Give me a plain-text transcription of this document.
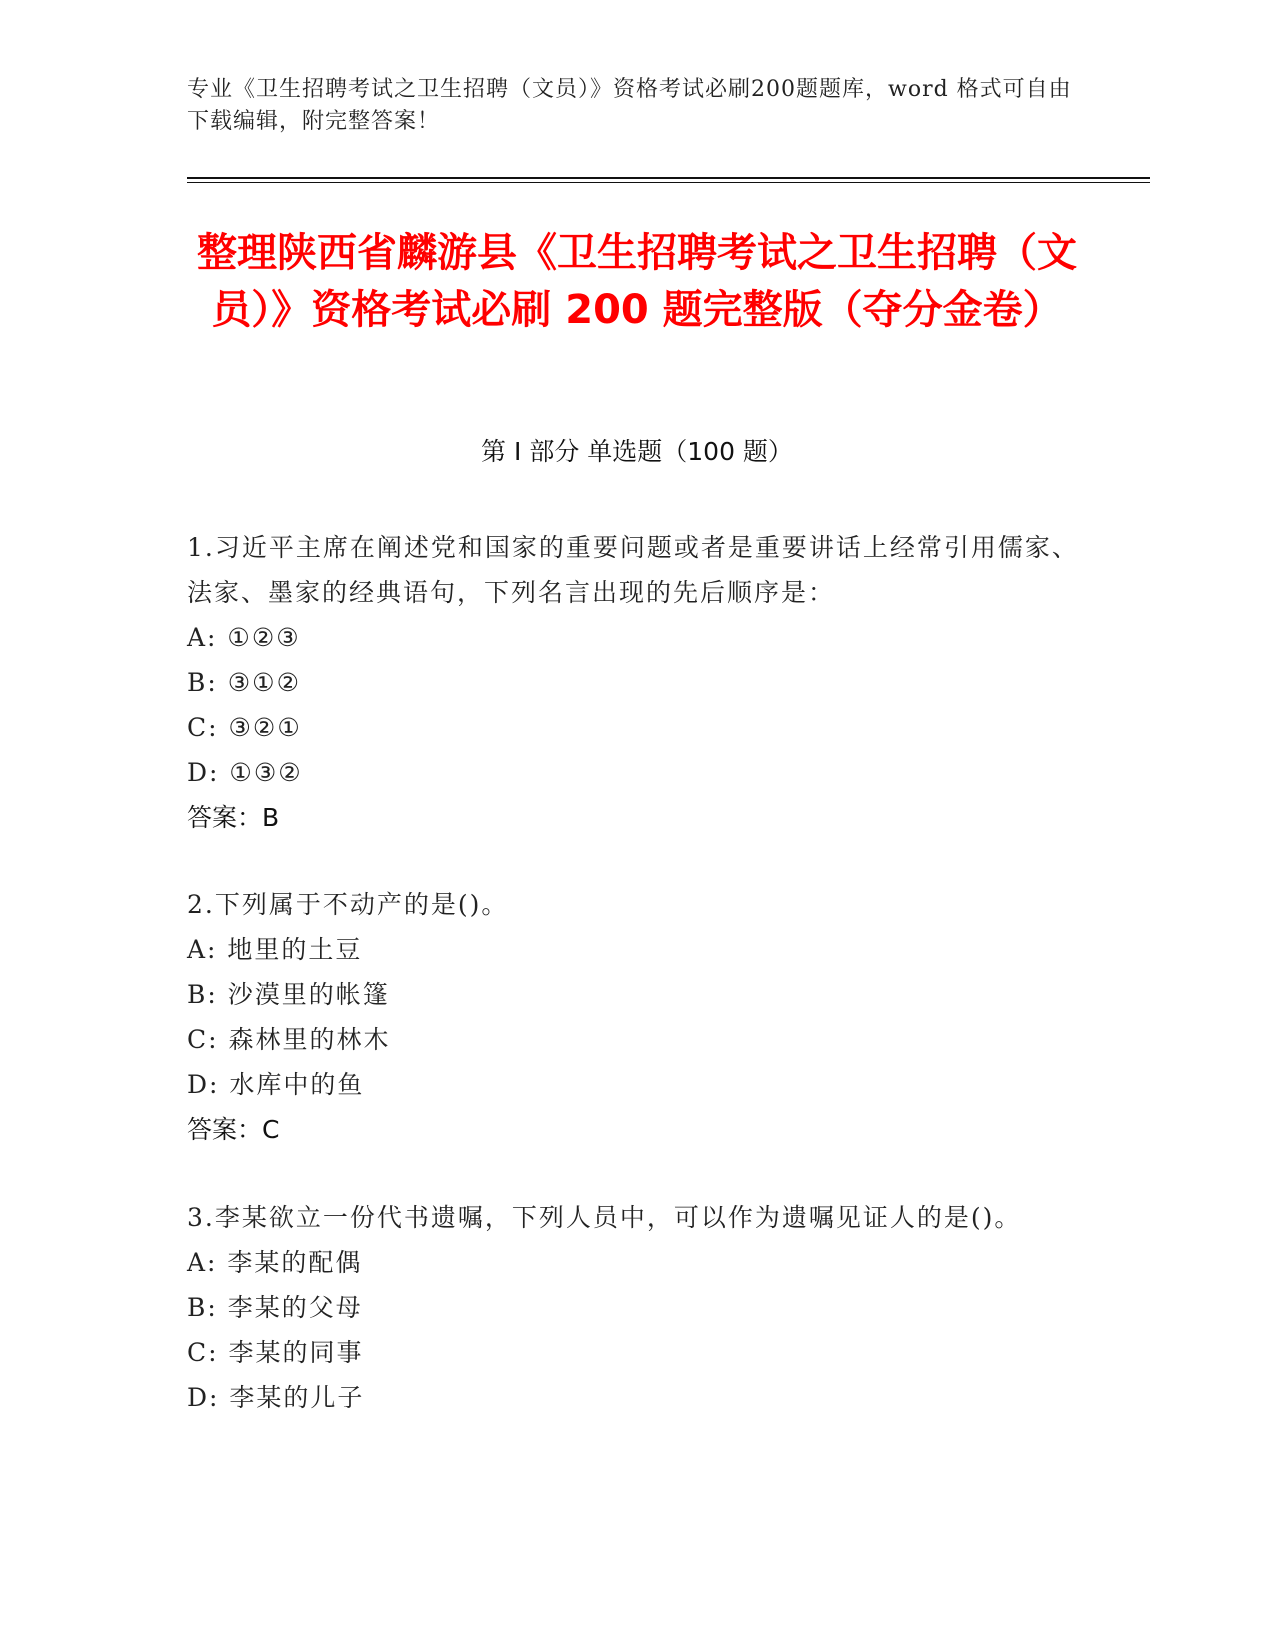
专业《卫生招聘考试之卫生招聘（文员）》资格考试必刷200题题库，word 格式可自由下载编辑，附完整答案！
整理陕西省麟游县《卫生招聘考试之卫生招聘（文员）》资格考试必刷 200 题完整版（夺分金卷）
第 I 部分 单选题（100 题）
1.习近平主席在阐述党和国家的重要问题或者是重要讲话上经常引用儒家、法家、墨家的经典语句，下列名言出现的先后顺序是：
A: ①②③
B: ③①②
C: ③②①
D: ①③②
答案：B
2.下列属于不动产的是()。
A: 地里的土豆
B: 沙漠里的帐篷
C: 森林里的林木
D: 水库中的鱼
答案：C
3.李某欲立一份代书遗嘱，下列人员中，可以作为遗嘱见证人的是()。
A: 李某的配偶
B: 李某的父母
C: 李某的同事
D: 李某的儿子
